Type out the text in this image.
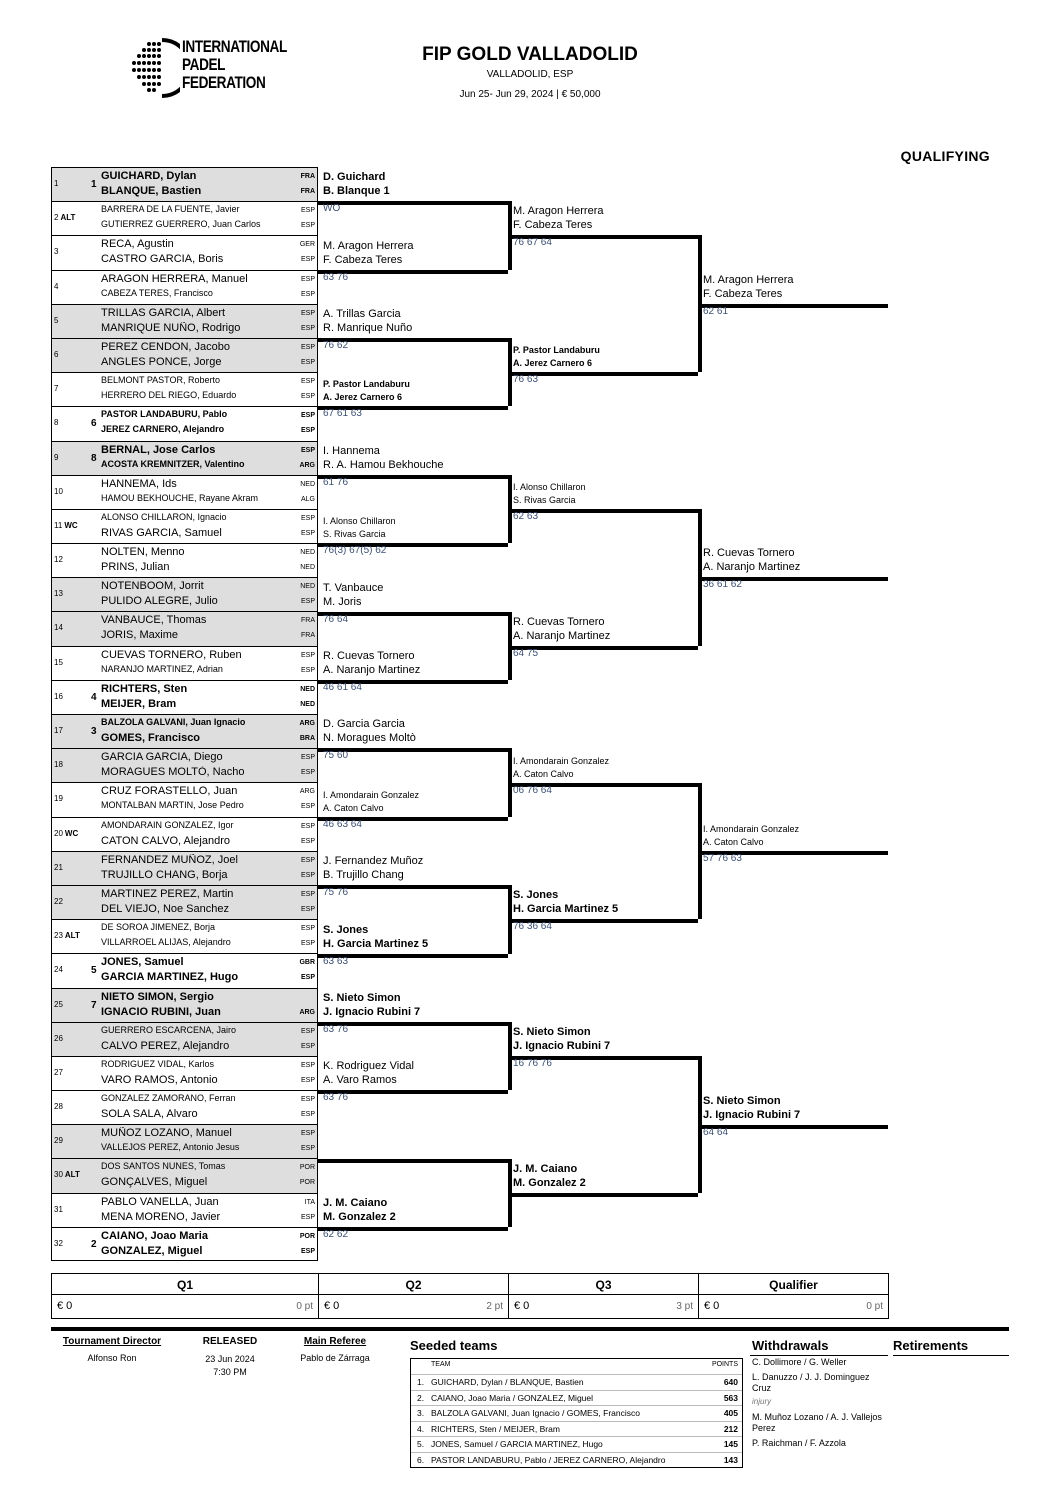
INTERNATIONAL
PADEL
FEDERATION
FIP GOLD VALLADOLID
VALLADOLID, ESP
Jun 25- Jun 29, 2024 | € 50,000
QUALIFYING
1	1
GUICHARD, Dylan
BLANQUE, Bastien
FRA
FRA
2 ALT
BARRERA DE LA FUENTE, Javier
GUTIERREZ GUERRERO, Juan Carlos
ESP
ESP
3
RECA, Agustin
CASTRO GARCIA, Boris
GER
ESP
4
ARAGON HERRERA, Manuel
CABEZA TERES, Francisco
ESP
ESP
5
TRILLAS GARCIA, Albert
MANRIQUE NUÑO, Rodrigo
ESP
ESP
6
PEREZ CENDON, Jacobo
ANGLES PONCE, Jorge
ESP
ESP
7
BELMONT PASTOR, Roberto
HERRERO DEL RIEGO, Eduardo
ESP
ESP
8	6
PASTOR LANDABURU, Pablo
JEREZ CARNERO, Alejandro
ESP
ESP
9	8
BERNAL, Jose Carlos
ACOSTA KREMNITZER, Valentino
ESP
ARG
10
HANNEMA, Ids
HAMOU BEKHOUCHE, Rayane Akram
NED
ALG
11 WC
ALONSO CHILLARON, Ignacio
RIVAS GARCIA, Samuel
ESP
ESP
12
NOLTEN, Menno
PRINS, Julian
NED
NED
13
NOTENBOOM, Jorrit
PULIDO ALEGRE, Julio
NED
ESP
14
VANBAUCE, Thomas
JORIS, Maxime
FRA
FRA
15
CUEVAS TORNERO, Ruben
NARANJO MARTINEZ, Adrian
ESP
ESP
16	4
RICHTERS, Sten
MEIJER, Bram
NED
NED
17	3
BALZOLA GALVANI, Juan Ignacio
GOMES, Francisco
ARG
BRA
18
GARCIA GARCIA, Diego
MORAGUES MOLTÒ, Nacho
ESP
ESP
19
CRUZ FORASTELLO, Juan
MONTALBAN MARTIN, Jose Pedro
ARG
ESP
20 WC
AMONDARAIN GONZALEZ, Igor
CATON CALVO, Alejandro
ESP
ESP
21
FERNANDEZ MUÑOZ, Joel
TRUJILLO CHANG, Borja
ESP
ESP
22
MARTINEZ PEREZ, Martin
DEL VIEJO, Noe Sanchez
ESP
ESP
23 ALT
DE SOROA JIMENEZ, Borja
VILLARROEL ALIJAS, Alejandro
ESP
ESP
24	5
JONES, Samuel
GARCIA MARTINEZ, Hugo
GBR
ESP
25	7
NIETO SIMON, Sergio
IGNACIO RUBINI, Juan	ARG
26
GUERRERO ESCARCENA, Jairo
CALVO PEREZ, Alejandro
ESP
ESP
27
RODRIGUEZ VIDAL, Karlos
VARO RAMOS, Antonio
ESP
ESP
28
GONZALEZ ZAMORANO, Ferran
SOLA SALA, Alvaro
ESP
ESP
29
MUÑOZ LOZANO, Manuel
VALLEJOS PEREZ, Antonio Jesus
ESP
ESP
30 ALT
DOS SANTOS NUNES, Tomas
GONÇALVES, Miguel
POR
POR
31
PABLO VANELLA, Juan
MENA MORENO, Javier
ITA
ESP
32	2
CAIANO, Joao Maria
GONZALEZ, Miguel
POR
ESP
D. Guichard
B. Blanque 1
WO
M. Aragon Herrera
F. Cabeza Teres
63 76
A. Trillas Garcia
R. Manrique Nuño
76 62
P. Pastor Landaburu
A. Jerez Carnero 6
67 61 63
I. Hannema
R. A. Hamou Bekhouche
61 76
I. Alonso Chillaron
S. Rivas Garcia
76(3) 67(5) 62
T. Vanbauce
M. Joris
76 64
R. Cuevas Tornero
A. Naranjo Martinez
46 61 64
D. Garcia Garcia
N. Moragues Moltò
75 60
I. Amondarain Gonzalez
A. Caton Calvo
46 63 64
J. Fernandez Muñoz
B. Trujillo Chang
75 76
S. Jones
H. Garcia Martinez 5
63 63
S. Nieto Simon
J. Ignacio Rubini 7
63 76
K. Rodriguez Vidal
A. Varo Ramos
63 76
J. M. Caiano
M. Gonzalez 2
62 62
M. Aragon Herrera
F. Cabeza Teres
76 67 64
P. Pastor Landaburu
A. Jerez Carnero 6
76 63
I. Alonso Chillaron
S. Rivas Garcia
62 63
R. Cuevas Tornero
A. Naranjo Martinez
64 75
I. Amondarain Gonzalez
A. Caton Calvo
06 76 64
S. Jones
H. Garcia Martinez 5
76 36 64
S. Nieto Simon
J. Ignacio Rubini 7
16 76 76
J. M. Caiano
M. Gonzalez 2
M. Aragon Herrera
F. Cabeza Teres
62 61
R. Cuevas Tornero
A. Naranjo Martinez
36 61 62
I. Amondarain Gonzalez
A. Caton Calvo
57 76 63
S. Nieto Simon
J. Ignacio Rubini 7
64 64
Q1	Q2	Q3	Qualifier
€ 0	0 pt € 0	2 pt € 0	3 pt € 0	0 pt
Tournament Director
Alfonso Ron
RELEASED
23 Jun 2024
7:30 PM
Main Referee
Pablo de Zárraga
Seeded teams
TEAM	POINTS
1. GUICHARD, Dylan / BLANQUE, Bastien	640
2. CAIANO, Joao Maria / GONZALEZ, Miguel	563
3. BALZOLA GALVANI, Juan Ignacio / GOMES, Francisco	405
4. RICHTERS, Sten / MEIJER, Bram	212
5. JONES, Samuel / GARCIA MARTINEZ, Hugo	145
6. PASTOR LANDABURU, Pablo / JEREZ CARNERO, Alejandro	143
Withdrawals
C. Dollimore / G. Weller
L. Danuzzo / J. J. Dominguez Cruz
injury
M. Muñoz Lozano / A. J. Vallejos Perez
P. Raichman / F. Azzola
Retirements
